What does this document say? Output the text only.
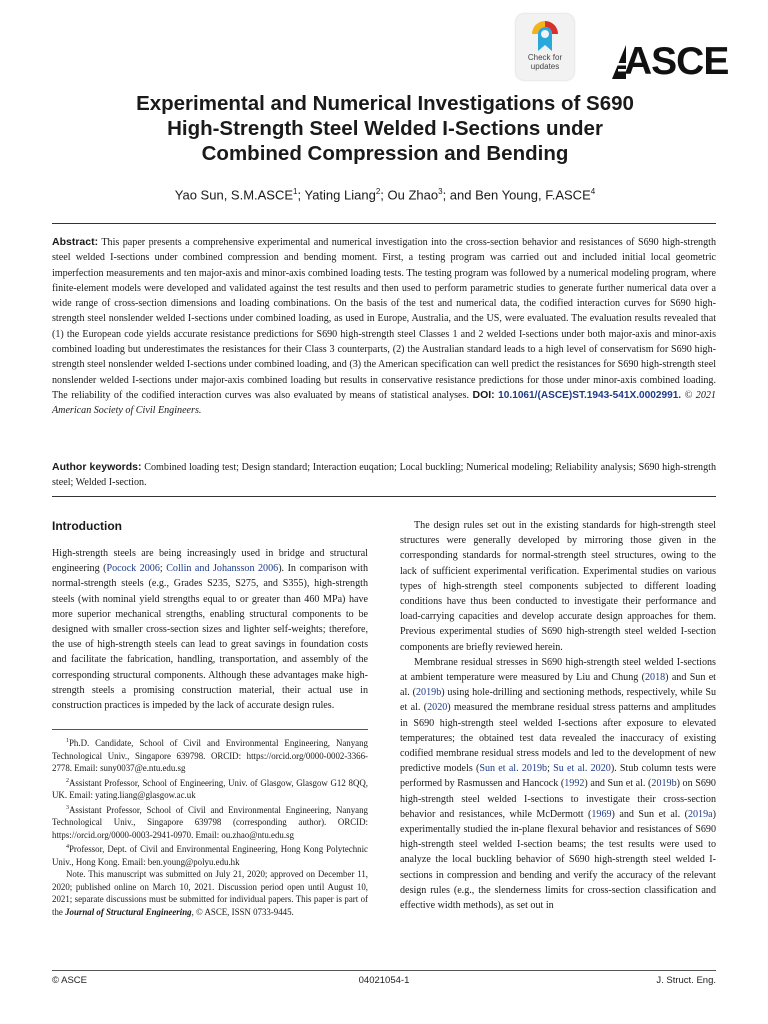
Check for
updates	ASCE
Experimental and Numerical Investigations of S690
High-Strength Steel Welded I-Sections under
Combined Compression and Bending
Yao Sun, S.M.ASCE$^1$; Yating Liang$^2$; Ou Zhao$^3$; and Ben Young, F.ASCE$^4$

Abstract: This paper presents a comprehensive experimental and numerical investigation into the cross-section behavior and resistances of S690 high-strength steel welded I-sections under combined compression and bending moment. First, a testing program was carried out and included initial local geometric imperfection measurements and ten major-axis and minor-axis combined loading tests. The testing program was followed by a numerical modeling program, where finite-element models were developed and validated against the test results and then used to perform parametric studies to generate further numerical data over a wide range of cross-section dimensions and loading combinations. On the basis of the test and numerical data, the codified interaction curves for S690 high-strength steel nonslender welded I-sections under combined loading, as used in Europe, Australia, and the US, were evaluated. The evaluation results revealed that (1) the European code yields accurate resistance predictions for S690 high-strength steel Classes 1 and 2 welded I-sections under both major-axis and minor-axis combined loading but underestimates the resistances for their Class 3 counterparts, (2) the Australian standard leads to a high level of conservatism for S690 high-strength steel nonslender welded I-sections under combined loading, and (3) the American specification can well predict the resistances for S690 high-strength steel nonslender welded I-sections under major-axis combined loading but results in conservative resistance predictions for those under minor-axis combined loading. The reliability of the codified interaction curves was also evaluated by means of statistical analyses. DOI: 10.1061/(ASCE)ST.1943-541X.0002991. © 2021 American Society of Civil Engineers.

Author keywords: Combined loading test; Design standard; Interaction euqation; Local buckling; Numerical modeling; Reliability analysis; S690 high-strength steel; Welded I-section.

Introduction

High-strength steels are being increasingly used in bridge and structural engineering (Pocock 2006; Collin and Johansson 2006). In comparison with normal-strength steels (e.g., Grades S235, S275, and S355), high-strength steels (with nominal yield strengths equal to or greater than 460 MPa) have more superior mechanical strengths, enabling structural components to be designed with smaller cross-section sizes and lighter self-weights; therefore, the use of high-strength steels can lead to great savings in foundation costs and facilitate the fabrication, handling, transportation, and assembly of the corresponding structural components. Although these advantages make high-strength steels a promising construction material, their actual use in construction practices is impeded by the lack of accurate design rules.

$^1$Ph.D. Candidate, School of Civil and Environmental Engineering, Nanyang Technological Univ., Singapore 639798. ORCID: https://orcid.org/0000-0002-3366-2778. Email: suny0037@e.ntu.edu.sg

$^2$Assistant Professor, School of Engineering, Univ. of Glasgow, Glasgow G12 8QQ, UK. Email: yating.liang@glasgow.ac.uk

$^3$Assistant Professor, School of Civil and Environmental Engineering, Nanyang Technological Univ., Singapore 639798 (corresponding author). ORCID: https://orcid.org/0000-0003-2941-0970. Email: ou.zhao@ntu.edu.sg

$^4$Professor, Dept. of Civil and Environmental Engineering, Hong Kong Polytechnic Univ., Hong Kong. Email: ben.young@polyu.edu.hk

Note. This manuscript was submitted on July 21, 2020; approved on December 11, 2020; published online on March 10, 2021. Discussion period open until August 10, 2021; separate discussions must be submitted for individual papers. This paper is part of the Journal of Structural Engineering, © ASCE, ISSN 0733-9445.

The design rules set out in the existing standards for high-strength steel structures were generally developed by mirroring those given in the corresponding standards for normal-strength steel structures, owing to the lack of sufficient experimental verification. Experimental studies on various types of high-strength steel components subjected to different loading conditions have thus been conducted to investigate their performance and load-carrying capacities and develop accurate design approaches for them. Previous experimental studies of S690 high-strength steel welded I-section components are briefly reviewed herein.

Membrane residual stresses in S690 high-strength steel welded I-sections at ambient temperature were measured by Liu and Chung (2018) and Sun et al. (2019b) using hole-drilling and sectioning methods, respectively, while Su et al. (2020) measured the membrane residual stress patterns and amplitudes in S690 high-strength steel welded I-sections after exposure to elevated temperatures; the obtained test data revealed the inaccuracy of existing codified membrane residual stress models and led to the development of new predictive models (Sun et al. 2019b; Su et al. 2020). Stub column tests were performed by Rasmussen and Hancock (1992) and Sun et al. (2019b) on S690 high-strength steel welded I-sections to investigate their cross-section behavior and resistances, while McDermott (1969) and Sun et al. (2019a) experimentally studied the in-plane flexural behavior and resistances of S690 high-strength steel welded I-section beams; the test results were used to analyze the local buckling behavior of S690 high-strength steel welded I-sections in compression and bending and verify the accuracy of the relevant design rules (e.g., the slenderness limits for cross-section classification and effective width methods), as set out in

© ASCE	04021054-1	J. Struct. Eng.
